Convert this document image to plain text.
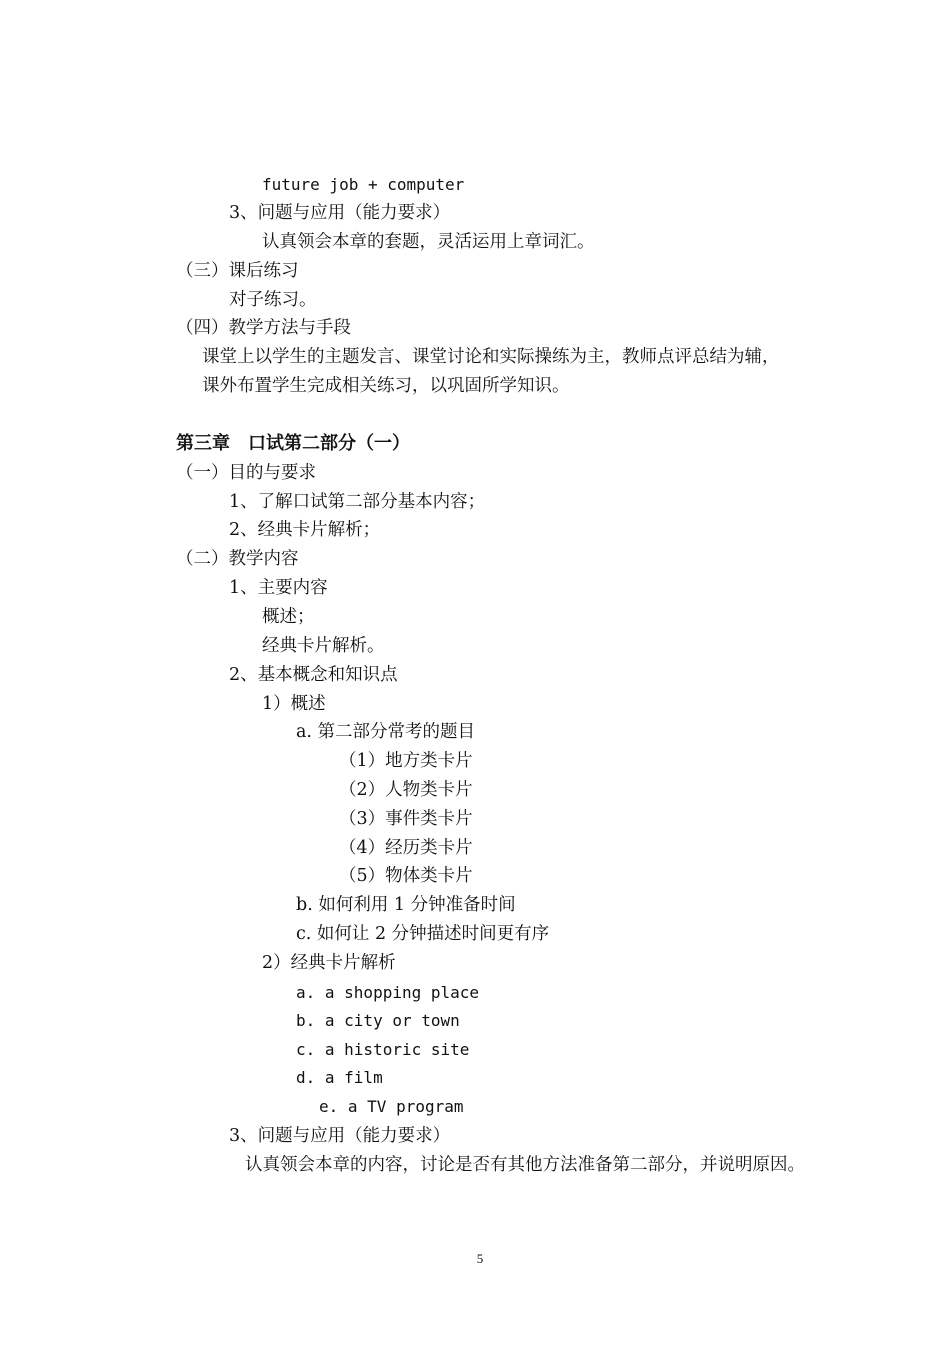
future job + computer
3、问题与应用（能力要求）
认真领会本章的套题，灵活运用上章词汇。
（三）课后练习
对子练习。
（四）教学方法与手段
课堂上以学生的主题发言、课堂讨论和实际操练为主，教师点评总结为辅，
课外布置学生完成相关练习，以巩固所学知识。
第三章　口试第二部分（一）
（一）目的与要求
1、了解口试第二部分基本内容；
2、经典卡片解析；
（二）教学内容
1、主要内容
概述；
经典卡片解析。
2、基本概念和知识点
1）概述
a. 第二部分常考的题目
（1）地方类卡片
（2）人物类卡片
（3）事件类卡片
（4）经历类卡片
（5）物体类卡片
b. 如何利用 1 分钟准备时间
c. 如何让 2 分钟描述时间更有序
2）经典卡片解析
a. a shopping place
b. a city or town
c. a historic site
d. a film
e. a TV program
3、问题与应用（能力要求）
认真领会本章的内容，讨论是否有其他方法准备第二部分，并说明原因。
5
